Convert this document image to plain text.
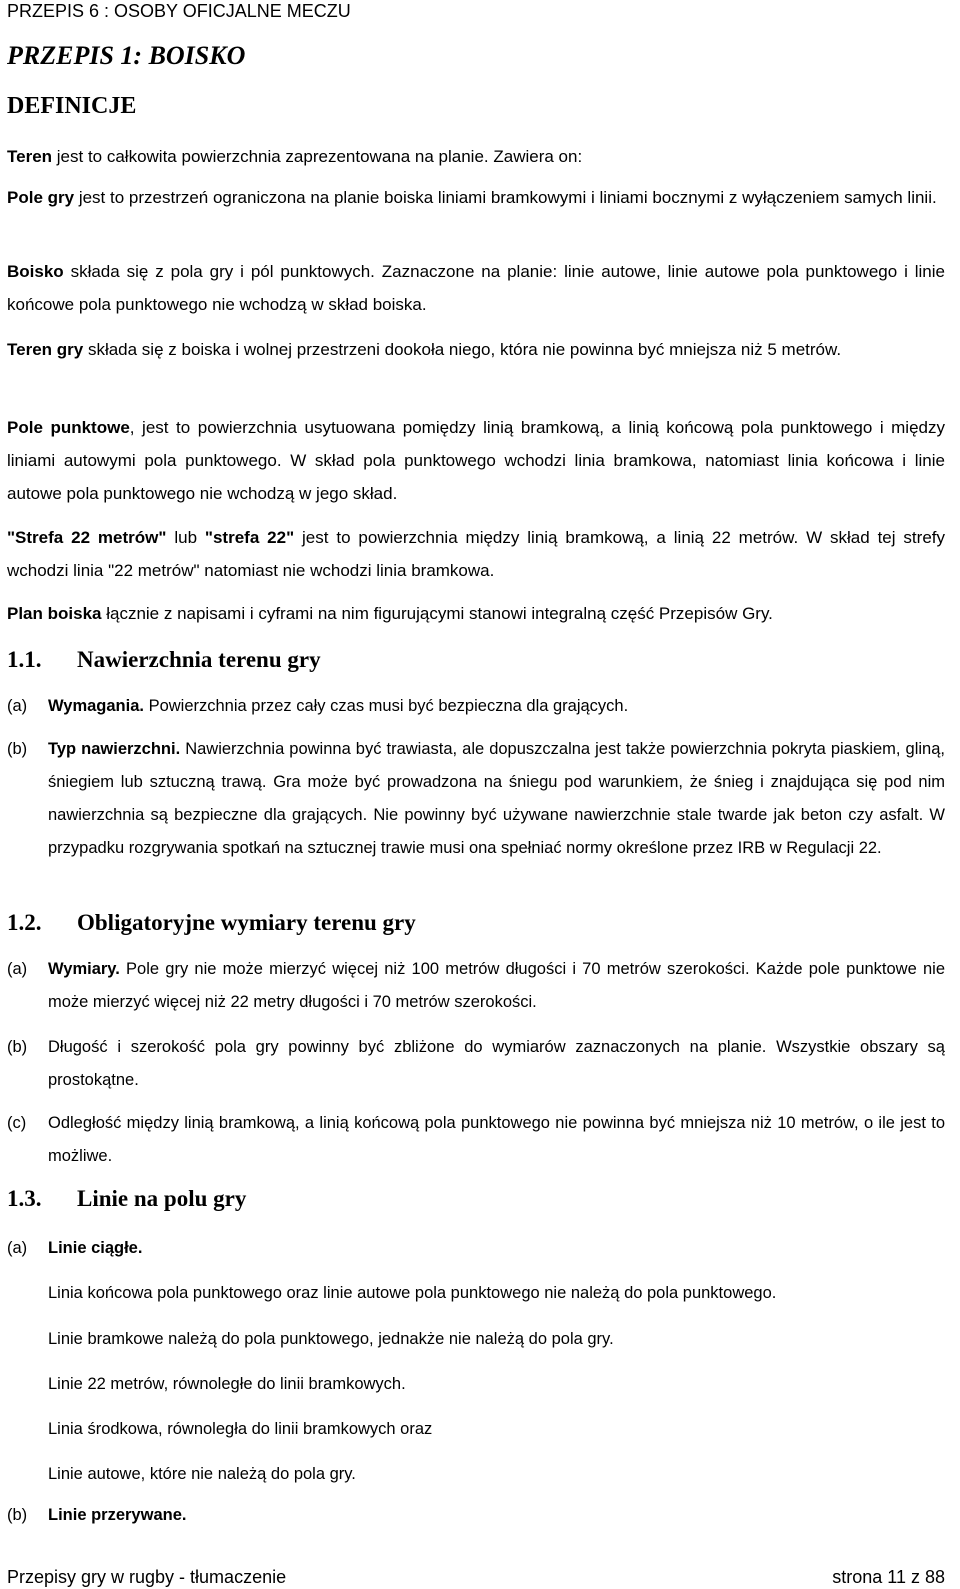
PRZEPIS 6 : OSOBY OFICJALNE MECZU
PRZEPIS 1: BOISKO
DEFINICJE

Teren jest to całkowita powierzchnia zaprezentowana na planie. Zawiera on:

Pole gry jest to przestrzeń ograniczona na planie boiska liniami bramkowymi i liniami bocznymi z wyłączeniem samych linii.

Boisko składa się z pola gry i pól punktowych. Zaznaczone na planie: linie autowe, linie autowe pola punktowego i linie końcowe pola punktowego nie wchodzą w skład boiska.

Teren gry składa się z boiska i wolnej przestrzeni dookoła niego, która nie powinna być mniejsza niż 5 metrów.

Pole punktowe, jest to powierzchnia usytuowana pomiędzy linią bramkową, a linią końcową pola punktowego i między liniami autowymi pola punktowego. W skład pola punktowego wchodzi linia bramkowa, natomiast linia końcowa i linie autowe pola punktowego nie wchodzą w jego skład.

"Strefa 22 metrów" lub "strefa 22" jest to powierzchnia między linią bramkową, a linią 22 metrów. W skład tej strefy wchodzi linia "22 metrów" natomiast nie wchodzi linia bramkowa.

Plan boiska łącznie z napisami i cyframi na nim figurującymi stanowi integralną część Przepisów Gry.

1.1. Nawierzchnia terenu gry
(a)	Wymagania. Powierzchnia przez cały czas musi być bezpieczna dla grających.
(b)	Typ nawierzchni. Nawierzchnia powinna być trawiasta, ale dopuszczalna jest także powierzchnia pokryta piaskiem, gliną, śniegiem lub sztuczną trawą. Gra może być prowadzona na śniegu pod warunkiem, że śnieg i znajdująca się pod nim nawierzchnia są bezpieczne dla grających. Nie powinny być używane nawierzchnie stale twarde jak beton czy asfalt. W przypadku rozgrywania spotkań na sztucznej trawie musi ona spełniać normy określone przez IRB w Regulacji 22.
1.2. Obligatoryjne wymiary terenu gry
(a)	Wymiary. Pole gry nie może mierzyć więcej niż 100 metrów długości i 70 metrów szerokości. Każde pole punktowe nie może mierzyć więcej niż 22 metry długości i 70 metrów szerokości.
(b)	Długość i szerokość pola gry powinny być zbliżone do wymiarów zaznaczonych na planie. Wszystkie obszary są prostokątne.
(c)	Odległość między linią bramkową, a linią końcową pola punktowego nie powinna być mniejsza niż 10 metrów, o ile jest to możliwe.
1.3. Linie na polu gry
(a)	Linie ciągłe.
Linia końcowa pola punktowego oraz linie autowe pola punktowego nie należą do pola punktowego.
Linie bramkowe należą do pola punktowego, jednakże nie należą do pola gry.
Linie 22 metrów, równoległe do linii bramkowych.
Linia środkowa, równoległa do linii bramkowych oraz
Linie autowe, które nie należą do pola gry.
(b)	Linie przerywane.
Przepisy gry w rugby - tłumaczenie	strona 11 z 88
